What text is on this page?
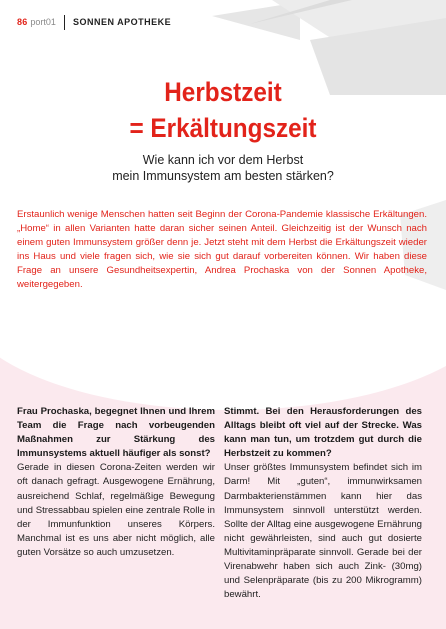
86 port01 SONNEN APOTHEKE
Herbstzeit
= Erkältungszeit
Wie kann ich vor dem Herbst
mein Immunsystem am besten stärken?
Erstaunlich wenige Menschen hatten seit Beginn der Corona-Pandemie klassische Erkältungen. „Home“ in allen Varianten hatte daran sicher seinen Anteil. Gleichzeitig ist der Wunsch nach einem guten Immunsystem größer denn je. Jetzt steht mit dem Herbst die Erkältungszeit wieder ins Haus und viele fragen sich, wie sie sich gut darauf vorbereiten können. Wir haben diese Frage an unsere Gesundheitsexpertin, Andrea Prochaska von der Sonnen Apotheke, weitergegeben.
Frau Prochaska, begegnet Ihnen und Ihrem Team die Frage nach vorbeugenden Maßnahmen zur Stärkung des Immunsystems aktuell häufiger als sonst?
Gerade in diesen Corona-Zeiten werden wir oft danach gefragt. Ausgewogene Ernährung, ausreichend Schlaf, regelmäßige Bewegung und Stressabbau spielen eine zentrale Rolle in der Immunfunktion unseres Körpers. Manchmal ist es uns aber nicht möglich, alle guten Vorsätze so auch umzusetzen.
Stimmt. Bei den Herausforderungen des Alltags bleibt oft viel auf der Strecke. Was kann man tun, um trotzdem gut durch die Herbstzeit zu kommen?
Unser größtes Immunsystem befindet sich im Darm! Mit „guten“, immunwirksamen Darmbakterienstämmen kann hier das Immunsystem sinnvoll unterstützt werden. Sollte der Alltag eine ausgewogene Ernährung nicht gewährleisten, sind auch gut dosierte Multivitaminpräparate sinnvoll. Gerade bei der Virenabwehr haben sich auch Zink- (30mg) und Selenpräparate (bis zu 200 Mikrogramm) bewährt.
